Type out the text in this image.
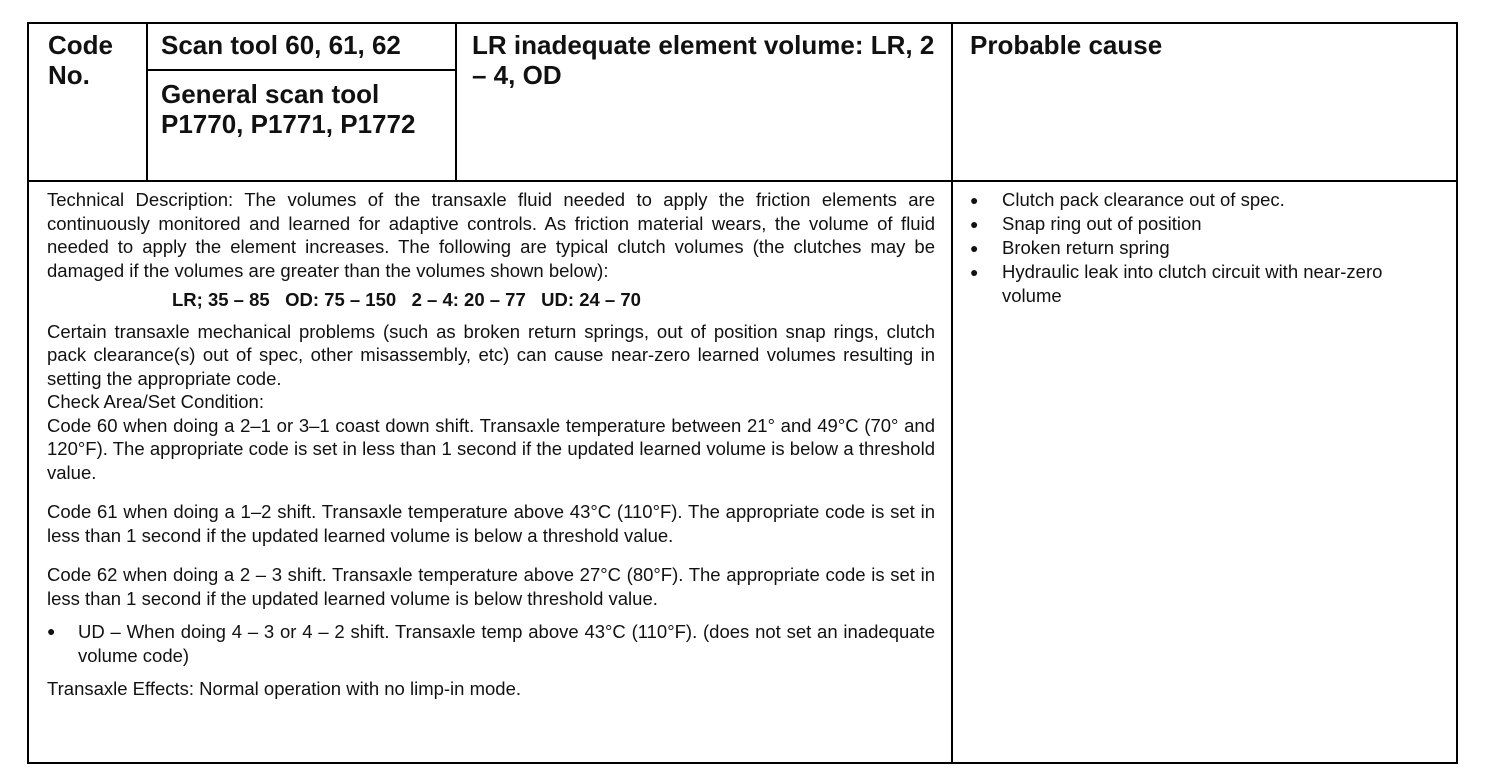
Code No.
Scan tool 60, 61, 62
General scan tool P1770, P1771, P1772
LR inadequate element volume: LR, 2 – 4, OD
Probable cause

Technical Description: The volumes of the transaxle fluid needed to apply the friction elements are continuously monitored and learned for adaptive controls. As friction material wears, the volume of fluid needed to apply the element increases. The following are typical clutch volumes (the clutches may be damaged if the volumes are greater than the volumes shown below):

LR; 35 – 85   OD: 75 – 150   2 – 4: 20 – 77   UD: 24 – 70

Certain transaxle mechanical problems (such as broken return springs, out of position snap rings, clutch pack clearance(s) out of spec, other misassembly, etc) can cause near-zero learned volumes resulting in setting the appropriate code.

Check Area/Set Condition:

Code 60 when doing a 2–1 or 3–1 coast down shift. Transaxle temperature between 21° and 49°C (70° and 120°F). The appropriate code is set in less than 1 second if the updated learned volume is below a threshold value.

Code 61 when doing a 1–2 shift. Transaxle temperature above 43°C (110°F). The appropriate code is set in less than 1 second if the updated learned volume is below a threshold value.

Code 62 when doing a 2 – 3 shift. Transaxle temperature above 27°C (80°F). The appropriate code is set in less than 1 second if the updated learned volume is below threshold value.

● UD – When doing 4 – 3 or 4 – 2 shift. Transaxle temp above 43°C (110°F). (does not set an inadequate volume code)

Transaxle Effects: Normal operation with no limp-in mode.

● Clutch pack clearance out of spec.
● Snap ring out of position
● Broken return spring
● Hydraulic leak into clutch circuit with near-zero volume
